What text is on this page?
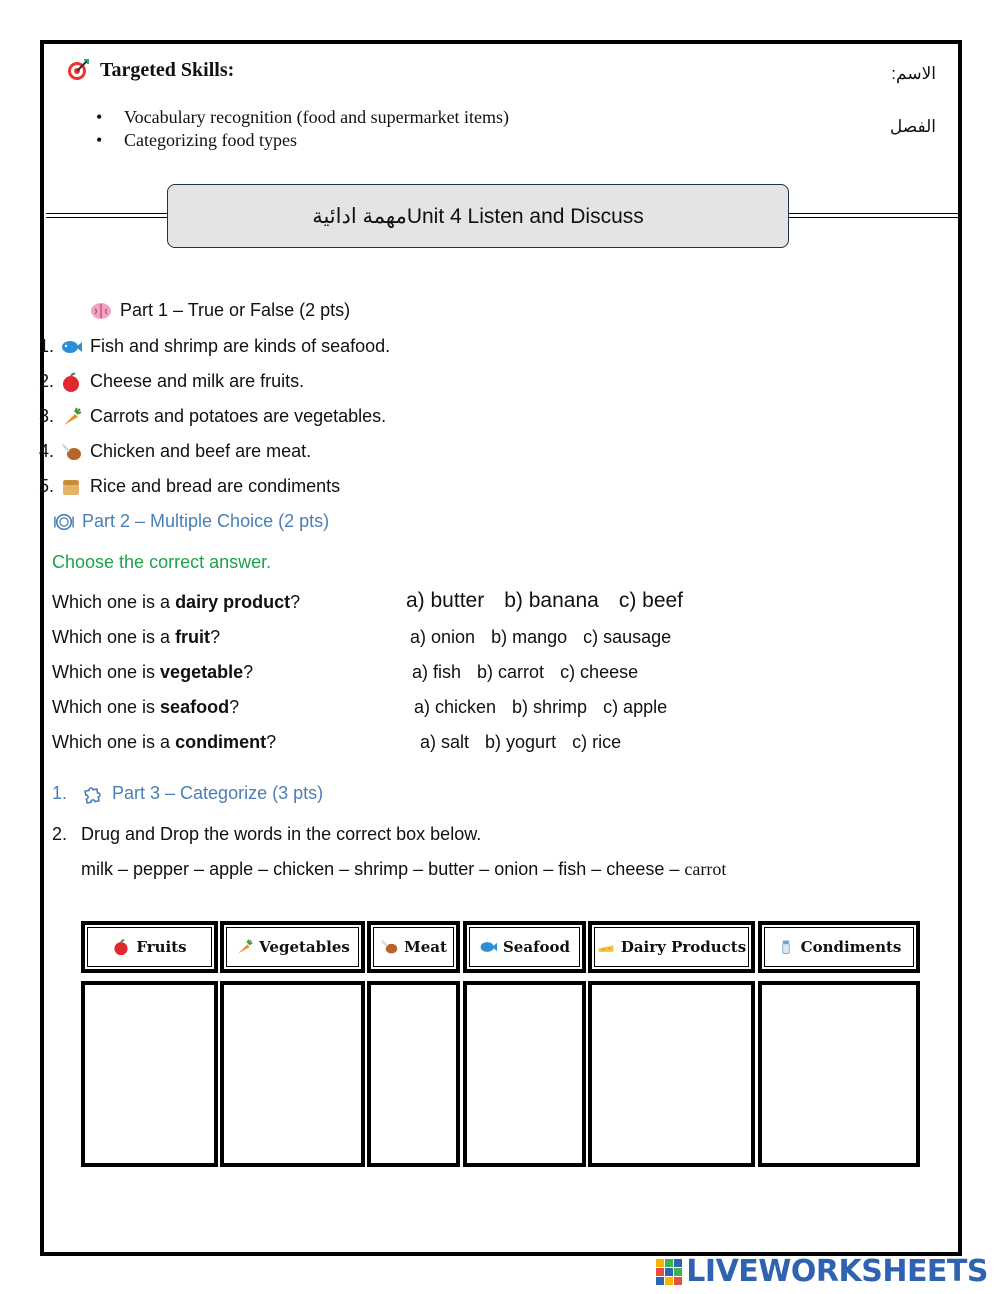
Targeted Skills:
• Vocabulary recognition (food and supermarket items)
• Categorizing food types
الاسم:
الفصل
مهمة ادائيةUnit 4 Listen and Discuss
Part 1 – True or False (2 pts)
1.	Fish and shrimp are kinds of seafood.
2.	Cheese and milk are fruits.
3.	Carrots and potatoes are vegetables.
4.	Chicken and beef are meat.
5.	Rice and bread are condiments
Part 2 – Multiple Choice (2 pts)
Choose the correct answer.
Which one is a dairy product?	a) butter b) banana c) beef
Which one is a fruit?	a) onion b) mango c) sausage
Which one is vegetable?	a) fish b) carrot c) cheese
Which one is seafood?	a) chicken b) shrimp c) apple
Which one is a condiment?	a) salt b) yogurt c) rice
1.	Part 3 – Categorize (3 pts)
2. Drug and Drop the words in the correct box below.
milk – pepper – apple – chicken – shrimp – butter – onion – fish – cheese – carrot
Fruits	Vegetables	Meat	Seafood	Dairy Products	Condiments
LIVEWORKSHEETS
